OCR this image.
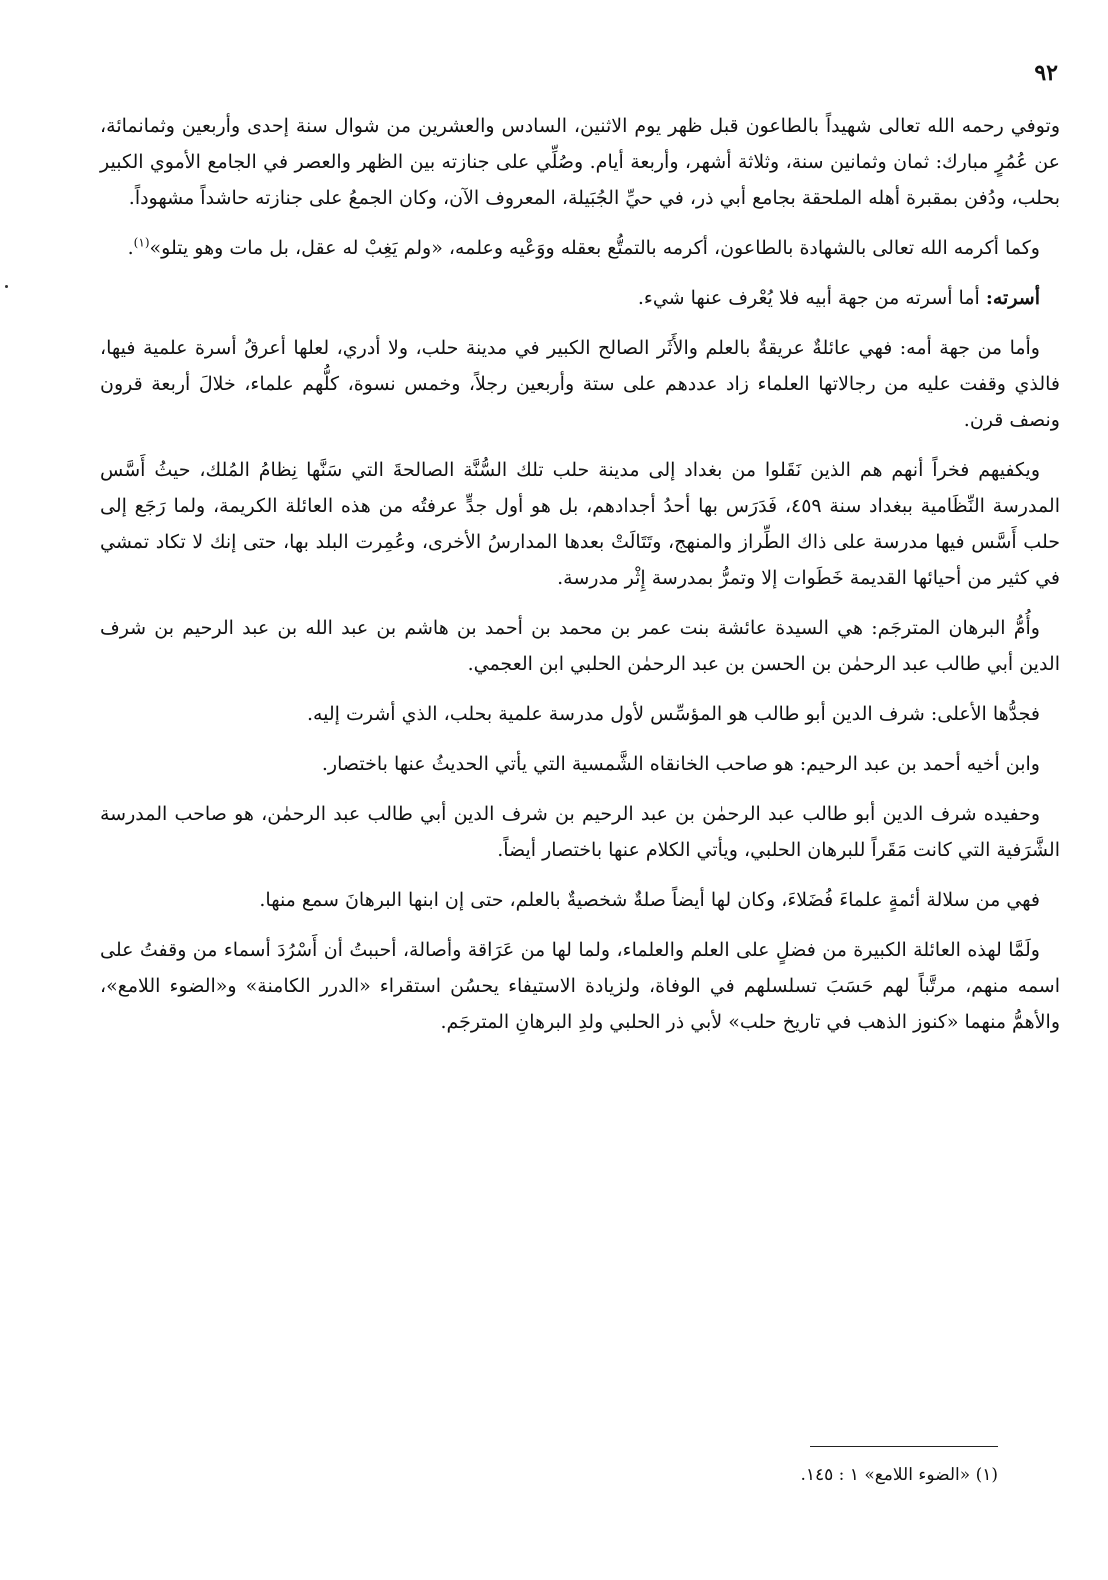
٩٢

وتوفي رحمه الله تعالى شهيداً بالطاعون قبل ظهر يوم الاثنين، السادس والعشرين من شوال سنة إحدى وأربعين وثمانمائة، عن عُمُرٍ مبارك: ثمان وثمانين سنة، وثلاثة أشهر، وأربعة أيام. وصُلِّي على جنازته بين الظهر والعصر في الجامع الأموي الكبير بحلب، ودُفن بمقبرة أهله الملحقة بجامع أبي ذر، في حيِّ الجُبَيلة، المعروف الآن، وكان الجمعُ على جنازته حاشداً مشهوداً.

وكما أكرمه الله تعالى بالشهادة بالطاعون، أكرمه بالتمتُّع بعقله ووَعْيه وعلمه، «ولم يَغِبْ له عقل، بل مات وهو يتلو»$^{(١)}$.

أسرته: أما أسرته من جهة أبيه فلا يُعْرف عنها شيء.

وأما من جهة أمه: فهي عائلةٌ عريقةٌ بالعلم والأَثَر الصالح الكبير في مدينة حلب، ولا أدري، لعلها أعرقُ أسرة علمية فيها، فالذي وقفت عليه من رجالاتها العلماء زاد عددهم على ستة وأربعين رجلاً، وخمس نسوة، كلُّهم علماء، خلالَ أربعة قرون ونصف قرن.

ويكفيهم فخراً أنهم هم الذين نَقَلوا من بغداد إلى مدينة حلب تلك السُّنَّة الصالحةَ التي سَنَّها نِظامُ المُلك، حيثُ أَسَّس المدرسة النِّظَامية ببغداد سنة ٤٥٩، فَدَرَس بها أحدُ أجدادهم، بل هو أول جدٍّ عرفتُه من هذه العائلة الكريمة، ولما رَجَع إلى حلب أَسَّس فيها مدرسة على ذاك الطِّراز والمنهج، وتَتَالَتْ بعدها المدارسُ الأخرى، وعُمِرت البلد بها، حتى إنك لا تكاد تمشي في كثير من أحيائها القديمة خَطَوات إلا وتمرُّ بمدرسة إِثْر مدرسة.

وأُمُّ البرهان المترجَم: هي السيدة عائشة بنت عمر بن محمد بن أحمد بن هاشم بن عبد الله بن عبد الرحيم بن شرف الدين أبي طالب عبد الرحمٰن بن الحسن بن عبد الرحمٰن الحلبي ابن العجمي.

فجدُّها الأعلى: شرف الدين أبو طالب هو المؤسِّس لأول مدرسة علمية بحلب، الذي أشرت إليه.

وابن أخيه أحمد بن عبد الرحيم: هو صاحب الخانقاه الشَّمسية التي يأتي الحديثُ عنها باختصار.

وحفيده شرف الدين أبو طالب عبد الرحمٰن بن عبد الرحيم بن شرف الدين أبي طالب عبد الرحمٰن، هو صاحب المدرسة الشَّرَفية التي كانت مَقَراً للبرهان الحلبي، ويأتي الكلام عنها باختصار أيضاً.

فهي من سلالة أئمةٍ علماءَ فُضَلاءَ، وكان لها أيضاً صلةٌ شخصيةٌ بالعلم، حتى إن ابنها البرهانَ سمع منها.

ولَمَّا لهذه العائلة الكبيرة من فضلٍ على العلم والعلماء، ولما لها من عَرَاقة وأصالة، أحببتُ أن أَسْرُدَ أسماء من وقفتُ على اسمه منهم، مرتَّباً لهم حَسَبَ تسلسلهم في الوفاة، ولزيادة الاستيفاء يحسُن استقراء «الدرر الكامنة» و«الضوء اللامع»، والأهمُّ منهما «كنوز الذهب في تاريخ حلب» لأبي ذر الحلبي ولدِ البرهانِ المترجَم.

(١) «الضوء اللامع» ١ : ١٤٥.
